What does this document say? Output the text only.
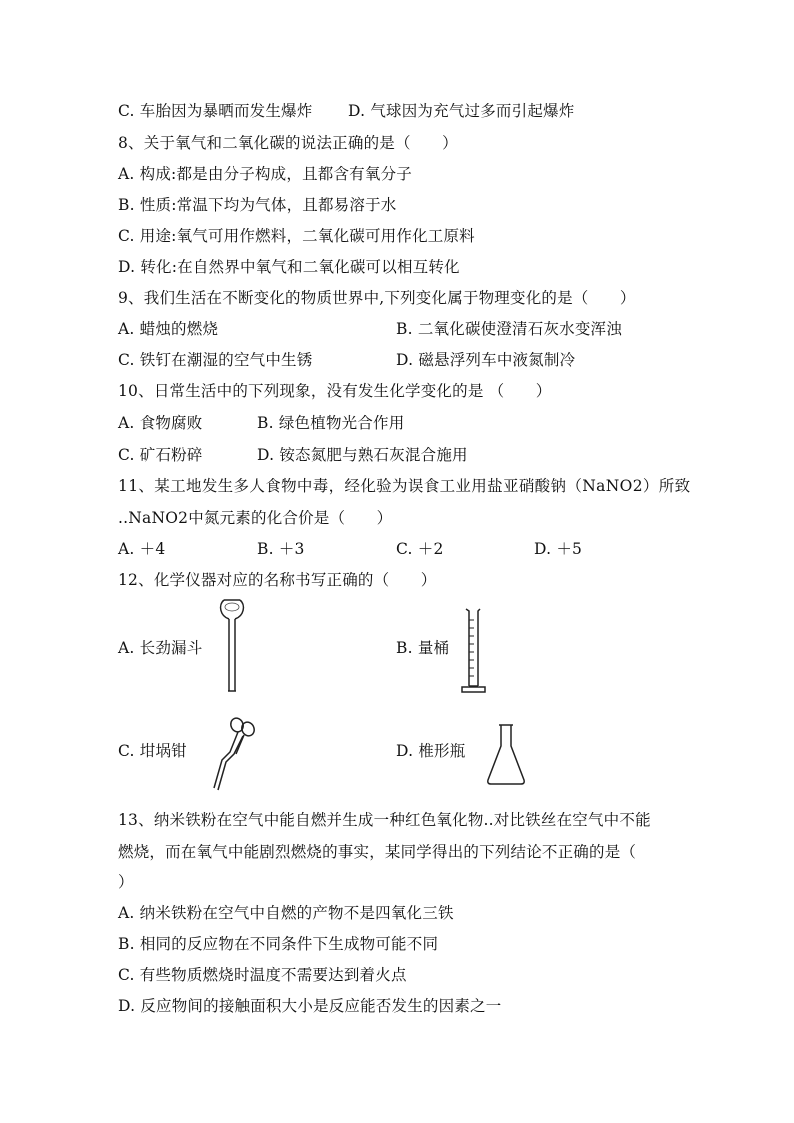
C. 车胎因为暴晒而发生爆炸 D. 气球因为充气过多而引起爆炸
8、关于氧气和二氧化碳的说法正确的是（　　）
A. 构成:都是由分子构成，且都含有氧分子
B. 性质:常温下均为气体，且都易溶于水
C. 用途:氧气可用作燃料，二氧化碳可用作化工原料
D. 转化:在自然界中氧气和二氧化碳可以相互转化
9、我们生活在不断变化的物质世界中,下列变化属于物理变化的是（　　）
A. 蜡烛的燃烧	B. 二氧化碳使澄清石灰水变浑浊
C. 铁钉在潮湿的空气中生锈	D. 磁悬浮列车中液氮制冷
10、日常生活中的下列现象，没有发生化学变化的是 （　　）
A. 食物腐败	B. 绿色植物光合作用
C. 矿石粉碎	D. 铵态氮肥与熟石灰混合施用
11、某工地发生多人食物中毒，经化验为误食工业用盐亚硝酸钠（NaNO2）所致
..NaNO2中氮元素的化合价是（　　）
A. ＋4	B. ＋3	C. ＋2	D. ＋5
12、化学仪器对应的名称书写正确的（　　）
A. 长劲漏斗	B. 量桶
C. 坩埚钳	D. 椎形瓶
13、纳米铁粉在空气中能自燃并生成一种红色氧化物..对比铁丝在空气中不能
燃烧，而在氧气中能剧烈燃烧的事实，某同学得出的下列结论不正确的是（
）
A. 纳米铁粉在空气中自燃的产物不是四氧化三铁
B. 相同的反应物在不同条件下生成物可能不同
C. 有些物质燃烧时温度不需要达到着火点
D. 反应物间的接触面积大小是反应能否发生的因素之一
